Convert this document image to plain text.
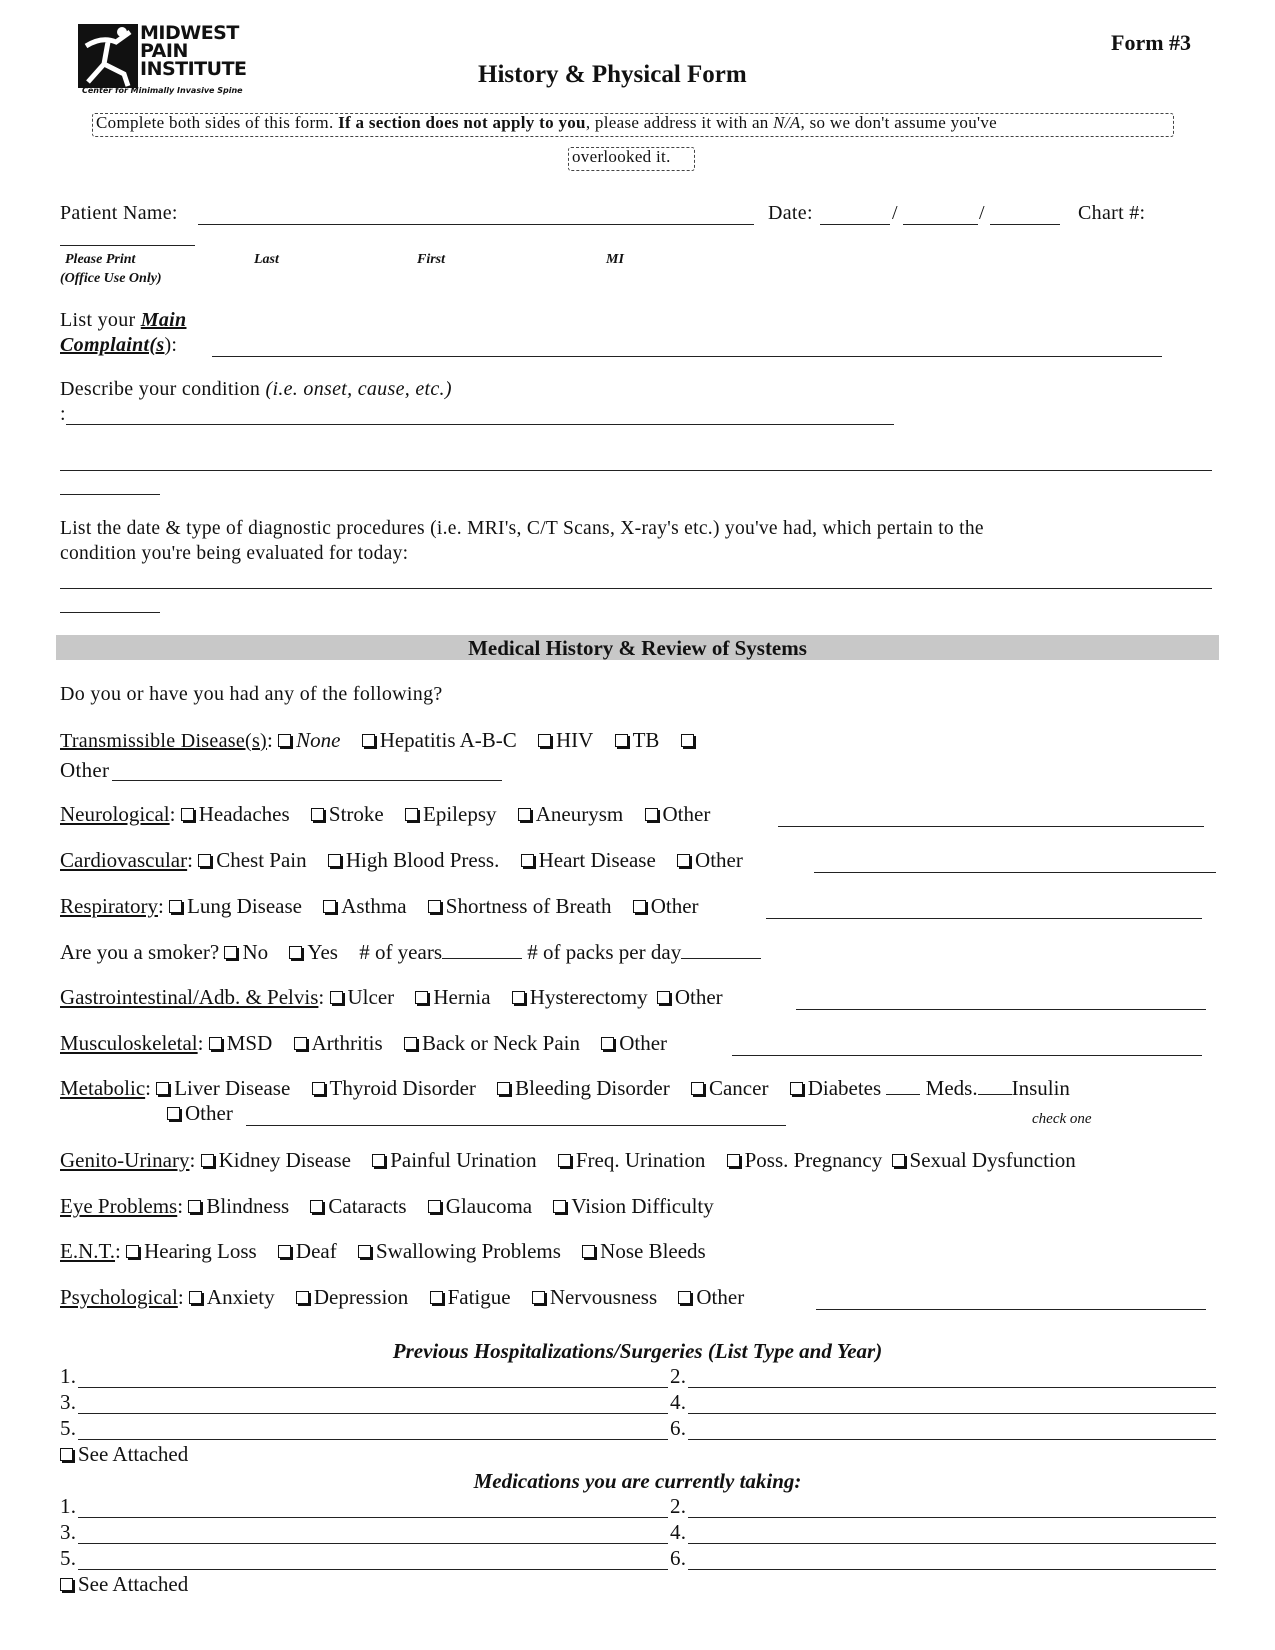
MIDWEST
PAIN
INSTITUTE
Center for Minimally Invasive Spine
Form #3
History & Physical Form
Complete both sides of this form. If a section does not apply to you, please address it with an N/A, so we don't assume you've
overlooked it.
Patient Name:	Date:	/	/	Chart #:
Please Print	Last	First	MI
(Office Use Only)
List your Main
Complaint(s):
Describe your condition (i.e. onset, cause, etc.)
:
List the date & type of diagnostic procedures (i.e. MRI's, C/T Scans, X-ray's etc.) you've had, which pertain to the
condition you're being evaluated for today:
Medical History & Review of Systems
Do you or have you had any of the following?
Transmissible Disease(s): None Hepatitis A-B-C HIV TB
Other
Neurological: Headaches Stroke Epilepsy Aneurysm Other
Cardiovascular: Chest Pain High Blood Press. Heart Disease Other
Respiratory: Lung Disease Asthma Shortness of Breath Other
Are you a smoker? No Yes # of years	# of packs per day
Gastrointestinal/Adb. & Pelvis: Ulcer Hernia Hysterectomy Other
Musculoskeletal: MSD Arthritis Back or Neck Pain Other
Metabolic: Liver Disease Thyroid Disorder Bleeding Disorder Cancer Diabetes Meds. Insulin
Other	check one
Genito-Urinary: Kidney Disease Painful Urination Freq. Urination Poss. Pregnancy Sexual Dysfunction
Eye Problems: Blindness Cataracts Glaucoma Vision Difficulty
E.N.T.: Hearing Loss Deaf Swallowing Problems Nose Bleeds
Psychological: Anxiety Depression Fatigue Nervousness Other
Previous Hospitalizations/Surgeries (List Type and Year)
1.	2.
3.	4.
5.	6.
See Attached
Medications you are currently taking:
1.	2.
3.	4.
5.	6.
See Attached
